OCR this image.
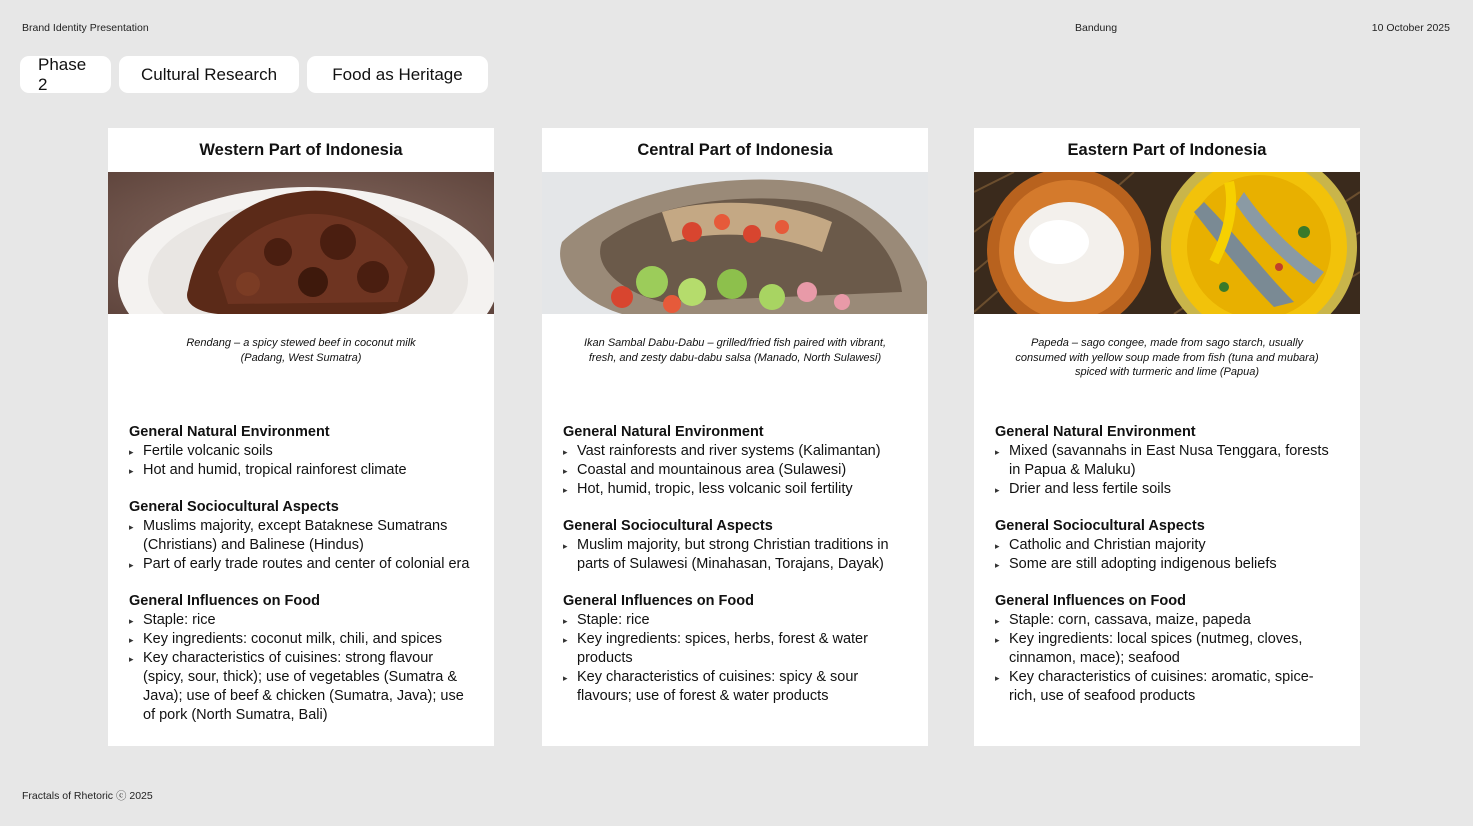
Brand Identity Presentation	Bandung	10 October 2025
Phase 2
Cultural Research	Food as Heritage
Western Part of Indonesia
Rendang – a spicy stewed beef in coconut milk
(Padang, West Sumatra)
General Natural Environment
▸ Fertile volcanic soils
▸ Hot and humid, tropical rainforest climate
General Sociocultural Aspects
▸ Muslims majority, except Bataknese Sumatrans (Christians) and Balinese (Hindus)
▸ Part of early trade routes and center of colonial era
General Influences on Food
▸ Staple: rice
▸ Key ingredients: coconut milk, chili, and spices
▸ Key characteristics of cuisines: strong flavour (spicy, sour, thick); use of vegetables (Sumatra & Java); use of beef & chicken (Sumatra, Java); use of pork (North Sumatra, Bali)
Central Part of Indonesia
Ikan Sambal Dabu-Dabu – grilled/fried fish paired with vibrant,
fresh, and zesty dabu-dabu salsa (Manado, North Sulawesi)
General Natural Environment
▸ Vast rainforests and river systems (Kalimantan)
▸ Coastal and mountainous area (Sulawesi)
▸ Hot, humid, tropic, less volcanic soil fertility
General Sociocultural Aspects
▸ Muslim majority, but strong Christian traditions in parts of Sulawesi (Minahasan, Torajans, Dayak)
General Influences on Food
▸ Staple: rice
▸ Key ingredients: spices, herbs, forest & water products
▸ Key characteristics of cuisines: spicy & sour flavours; use of forest & water products
Eastern Part of Indonesia
Papeda – sago congee, made from sago starch, usually
consumed with yellow soup made from fish (tuna and mubara)
spiced with turmeric and lime (Papua)
General Natural Environment
▸ Mixed (savannahs in East Nusa Tenggara, forests in Papua & Maluku)
▸ Drier and less fertile soils
General Sociocultural Aspects
▸ Catholic and Christian majority
▸ Some are still adopting indigenous beliefs
General Influences on Food
▸ Staple: corn, cassava, maize, papeda
▸ Key ingredients: local spices (nutmeg, cloves, cinnamon, mace); seafood
▸ Key characteristics of cuisines: aromatic, spice-rich, use of seafood products
Fractals of Rhetoric ⓒ 2025
